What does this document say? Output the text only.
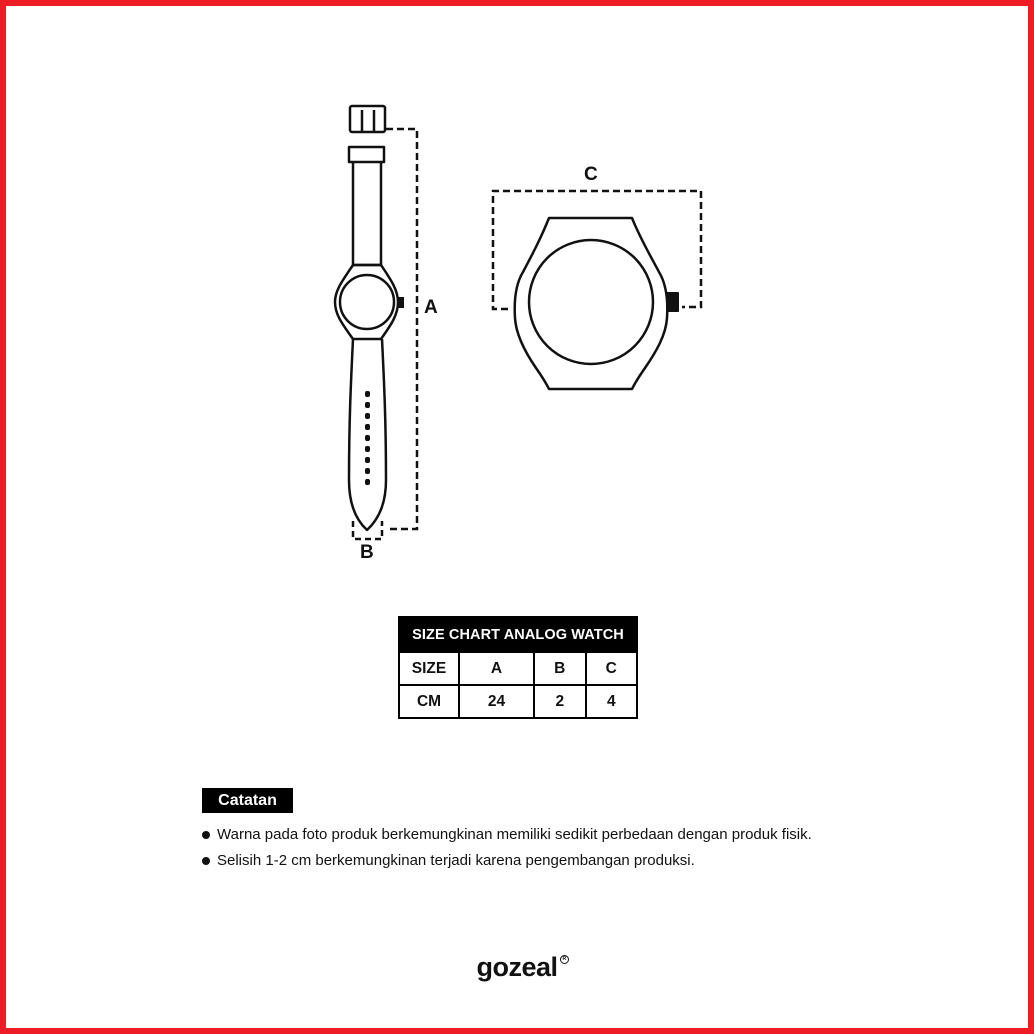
A
B
C
SIZE CHART ANALOG WATCH			
SIZE	A	B	C
CM	24	2	4
Catatan
Warna pada foto produk berkemungkinan memiliki sedikit perbedaan dengan produk fisik.
Selisih 1-2 cm berkemungkinan terjadi karena pengembangan produksi.
gozeal R
